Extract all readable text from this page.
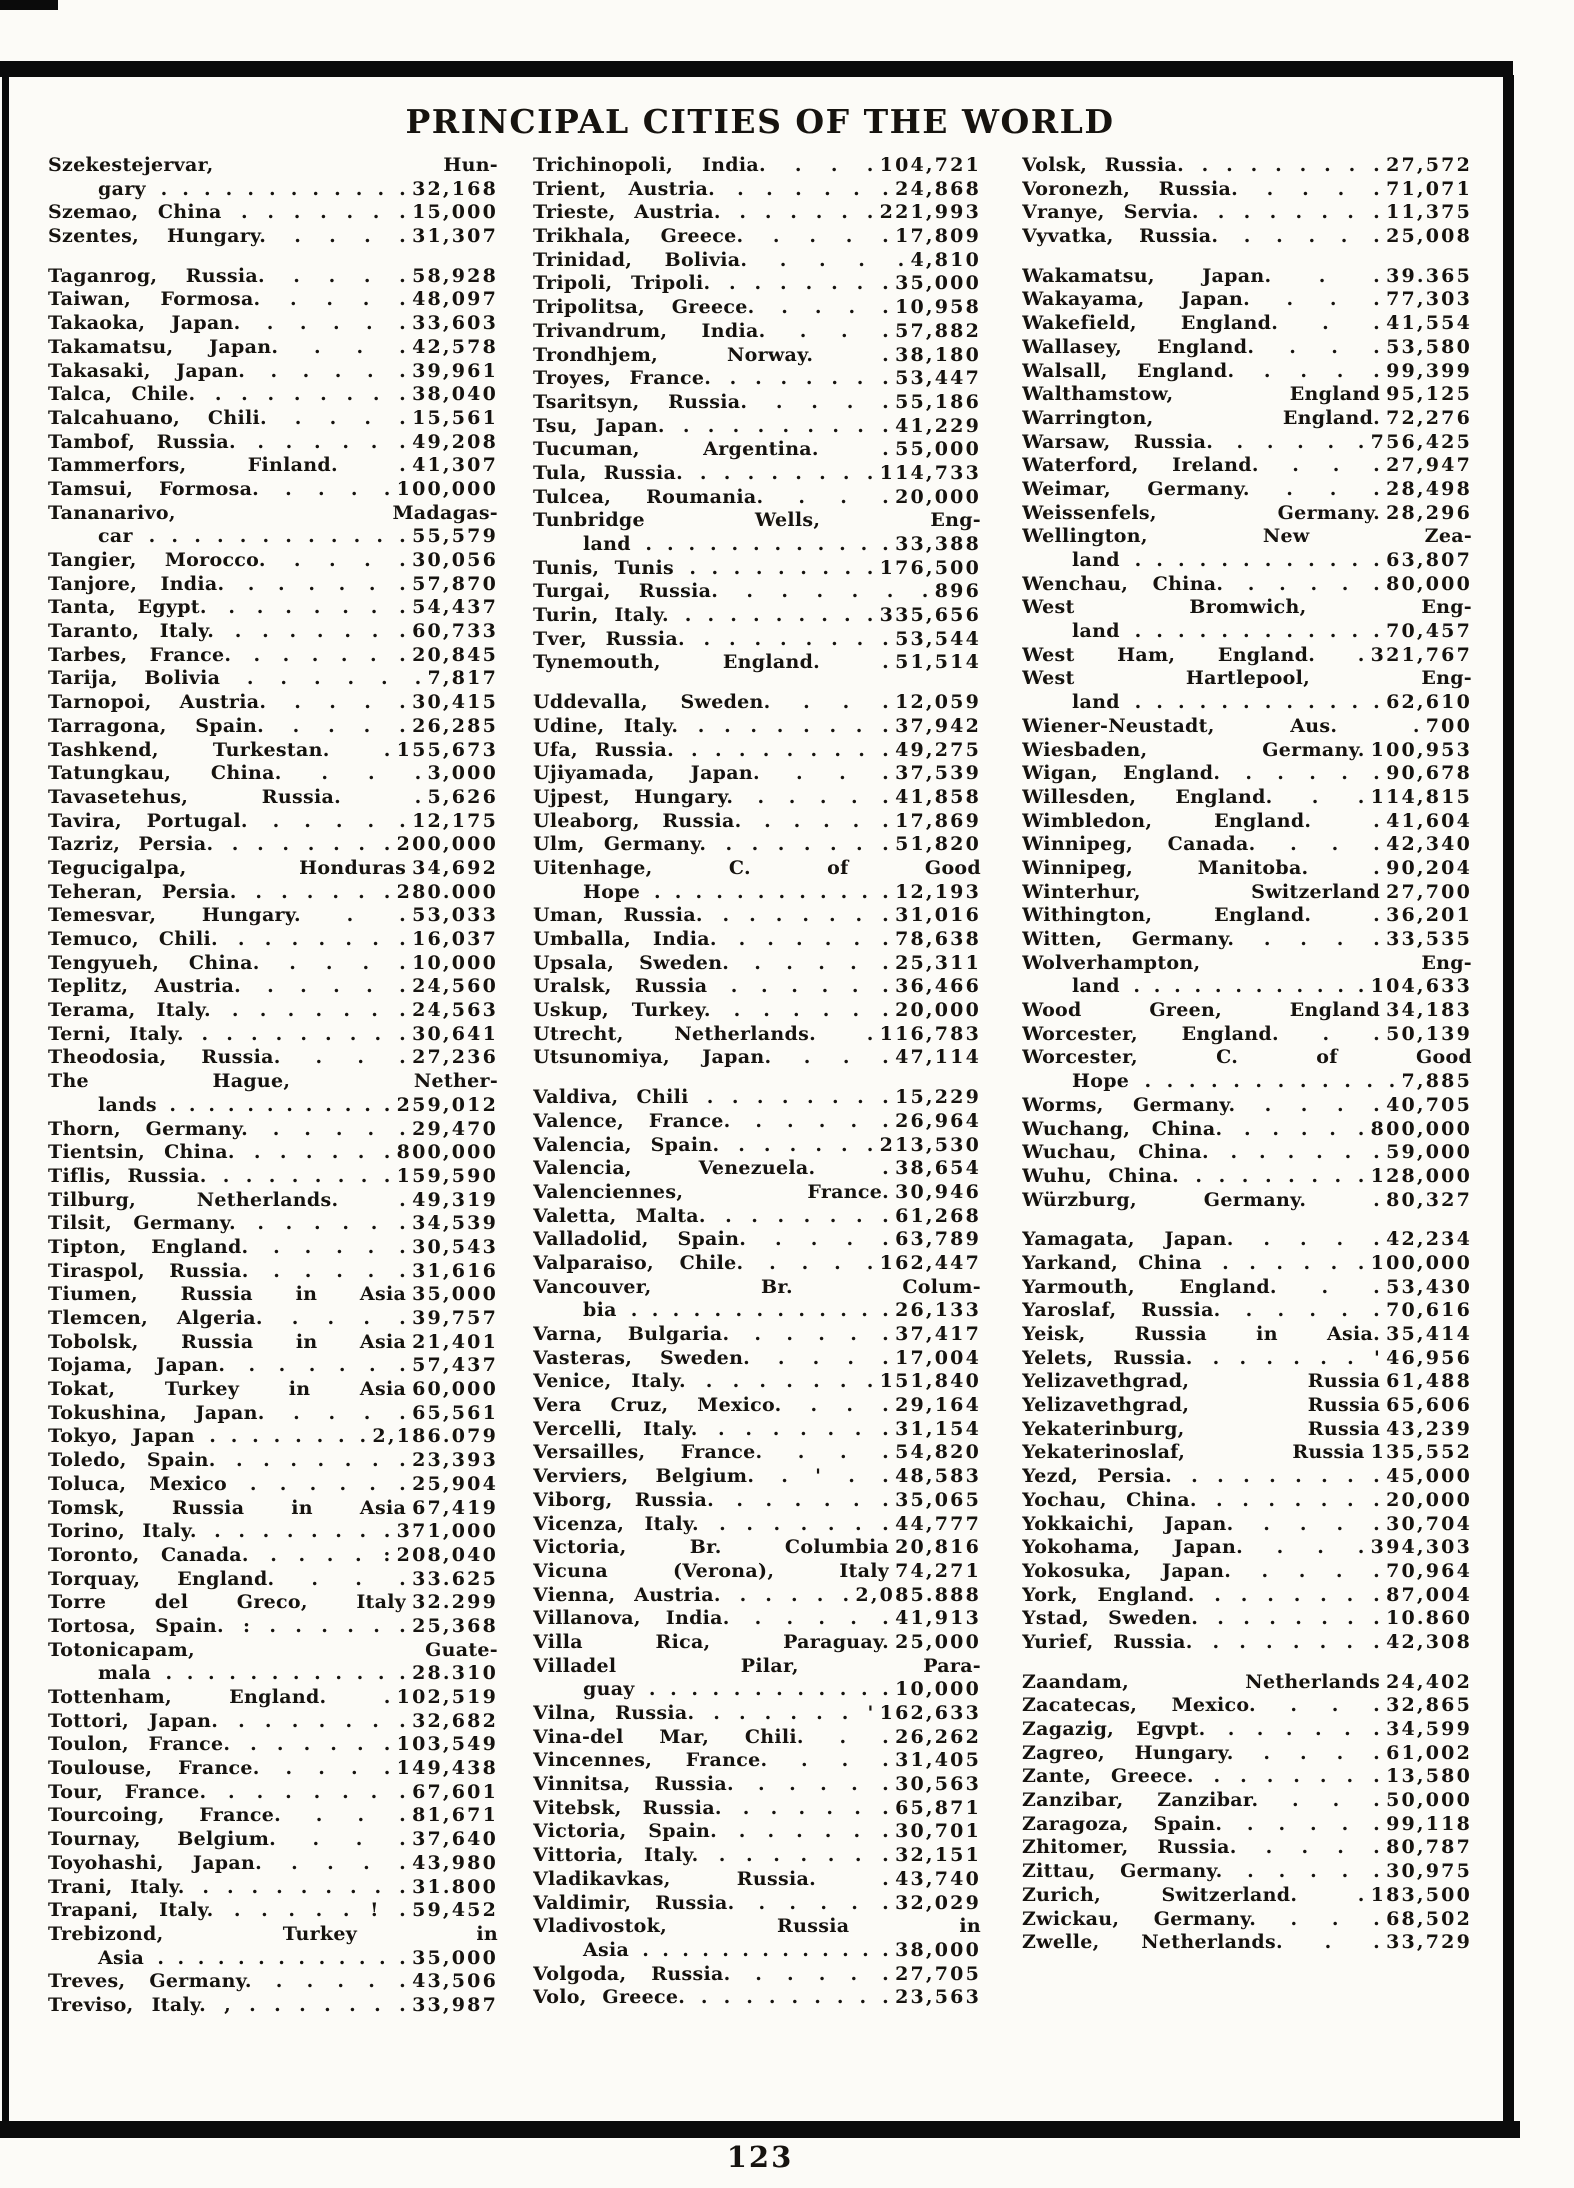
PRINCIPAL CITIES OF THE WORLD
Szekestejervar, Hun-
gary . . . . . . . . . . . . 32,168
Szemao, China . . . . . . . 15,000
Szentes, Hungary. . . . . 31,307
Taganrog, Russia. . . . . 58,928
Taiwan, Formosa. . . . . 48,097
Takaoka, Japan. . . . . . 33,603
Takamatsu, Japan. . . . 42,578
Takasaki, Japan. . . . . . 39,961
Talca, Chile. . . . . . . . . 38,040
Talcahuano, Chili. . . . . 15,561
Tambof, Russia. . . . . . . 49,208
Tammerfors, Finland. . 41,307
Tamsui, Formosa. . . . . 100,000
Tananarivo, Madagas-
car . . . . . . . . . . . . 55,579
Tangier, Morocco. . . . . 30,056
Tanjore, India. . . . . . . 57,870
Tanta, Egypt. . . . . . . . 54,437
Taranto, Italy. . . . . . . . 60,733
Tarbes, France. . . . . . . 20,845
Tarija, Bolivia . . . . . . 7,817
Tarnopoi, Austria. . . . . 30,415
Tarragona, Spain. . . . . 26,285
Tashkend, Turkestan. . 155,673
Tatungkau, China. . . . 3,000
Tavasetehus, Russia. . 5,626
Tavira, Portugal. . . . . . 12,175
Tazriz, Persia. . . . . . . . 200,000
Tegucigalpa, Honduras 34,692
Teheran, Persia. . . . . . . 280.000
Temesvar, Hungary. . . 53,033
Temuco, Chili. . . . . . . . 16,037
Tengyueh, China. . . . . 10,000
Teplitz, Austria. . . . . . 24,560
Terama, Italy. . . . . . . . 24,563
Terni, Italy. . . . . . . . . . 30,641
Theodosia, Russia. . . . 27,236
The Hague, Nether-
lands . . . . . . . . . . . . 259,012
Thorn, Germany. . . . . . 29,470
Tientsin, China. . . . . . . 800,000
Tiflis, Russia. . . . . . . . . 159,590
Tilburg, Netherlands. . 49,319
Tilsit, Germany. . . . . . . 34,539
Tipton, England. . . . . . 30,543
Tiraspol, Russia. . . . . . 31,616
Tiumen, Russia in Asia 35,000
Tlemcen, Algeria. . . . . 39,757
Tobolsk, Russia in Asia 21,401
Tojama, Japan. . . . . . . 57,437
Tokat, Turkey in Asia 60,000
Tokushina, Japan. . . . . 65,561
Tokyo, Japan . . . . . . . . 2,186.079
Toledo, Spain. . . . . . . . 23,393
Toluca, Mexico . . . . . . 25,904
Tomsk, Russia in Asia 67,419
Torino, Italy. . . . . . . . . 371,000
Toronto, Canada. . . . . : 208,040
Torquay, England. . . . 33.625
Torre del Greco, Italy 32.299
Tortosa, Spain. : . . . . . . 25,368
Totonicapam, Guate-
mala . . . . . . . . . . . . 28.310
Tottenham, England. . 102,519
Tottori, Japan. . . . . . . . 32,682
Toulon, France. . . . . . . 103,549
Toulouse, France. . . . . 149,438
Tour, France. . . . . . . . 67,601
Tourcoing, France. . . . 81,671
Tournay, Belgium. . . . 37,640
Toyohashi, Japan. . . . . 43,980
Trani, Italy. . . . . . . . . . 31.800
Trapani, Italy. . . . . . ! . 59,452
Trebizond, Turkey in
Asia . . . . . . . . . . . . . 35,000
Treves, Germany. . . . . . 43,506
Treviso, Italy. , . . . . . . . 33,987
Trichinopoli, India. . . . 104,721
Trient, Austria. . . . . . . 24,868
Trieste, Austria. . . . . . . 221,993
Trikhala, Greece. . . . . 17,809
Trinidad, Bolivia. . . . . 4,810
Tripoli, Tripoli. . . . . . . . 35,000
Tripolitsa, Greece. . . . . 10,958
Trivandrum, India. . . . 57,882
Trondhjem, Norway. . 38,180
Troyes, France. . . . . . . . 53,447
Tsaritsyn, Russia. . . . . 55,186
Tsu, Japan. . . . . . . . . . 41,229
Tucuman, Argentina. . 55,000
Tula, Russia. . . . . . . . . 114,733
Tulcea, Roumania. . . . 20,000
Tunbridge Wells, Eng-
land . . . . . . . . . . . . 33,388
Tunis, Tunis . . . . . . . . . 176,500
Turgai, Russia. . . . . . . 896
Turin, Italy. . . . . . . . . . 335,656
Tver, Russia. . . . . . . . . 53,544
Tynemouth, England. . 51,514
Uddevalla, Sweden. . . . 12,059
Udine, Italy. . . . . . . . . 37,942
Ufa, Russia. . . . . . . . . . 49,275
Ujiyamada, Japan. . . . 37,539
Ujpest, Hungary. . . . . . 41,858
Uleaborg, Russia. . . . . . 17,869
Ulm, Germany. . . . . . . . 51,820
Uitenhage, C. of Good
Hope . . . . . . . . . . . . 12,193
Uman, Russia. . . . . . . . 31,016
Umballa, India. . . . . . . 78,638
Upsala, Sweden. . . . . . 25,311
Uralsk, Russia . . . . . . 36,466
Uskup, Turkey. . . . . . . 20,000
Utrecht, Netherlands. . 116,783
Utsunomiya, Japan. . . . 47,114
Valdiva, Chili . . . . . . . . 15,229
Valence, France. . . . . . 26,964
Valencia, Spain. . . . . . . 213,530
Valencia, Venezuela. . 38,654
Valenciennes, France. 30,946
Valetta, Malta. . . . . . . . 61,268
Valladolid, Spain. . . . . 63,789
Valparaiso, Chile. . . . . 162,447
Vancouver, Br. Colum-
bia . . . . . . . . . . . . . 26,133
Varna, Bulgaria. . . . . . 37,417
Vasteras, Sweden. . . . . 17,004
Venice, Italy. . . . . . . . 151,840
Vera Cruz, Mexico. . . . 29,164
Vercelli, Italy. . . . . . . . 31,154
Versailles, France. . . . 54,820
Verviers, Belgium. . ' . . 48,583
Viborg, Russia. . . . . . . 35,065
Vicenza, Italy. . . . . . . . 44,777
Victoria, Br. Columbia 20,816
Vicuna (Verona), Italy 74,271
Vienna, Austria. . . . . . 2,085.888
Villanova, India. . . . . . 41,913
Villa Rica, Paraguay. 25,000
Villadel Pilar, Para-
guay . . . . . . . . . . . . 10,000
Vilna, Russia. . . . . . . ' 162,633
Vina-del Mar, Chili. . . 26,262
Vincennes, France. . . . 31,405
Vinnitsa, Russia. . . . . . 30,563
Vitebsk, Russia. . . . . . . 65,871
Victoria, Spain. . . . . . . 30,701
Vittoria, Italy. . . . . . . . 32,151
Vladikavkas, Russia. . 43,740
Valdimir, Russia. . . . . . 32,029
Vladivostok, Russia in
Asia . . . . . . . . . . . . . 38,000
Volgoda, Russia. . . . . . 27,705
Volo, Greece. . . . . . . . . . 23,563
Volsk, Russia. . . . . . . . . 27,572
Voronezh, Russia. . . . . 71,071
Vranye, Servia. . . . . . . . 11,375
Vyvatka, Russia. . . . . . 25,008
Wakamatsu, Japan. . . 39.365
Wakayama, Japan. . . . 77,303
Wakefield, England. . . 41,554
Wallasey, England. . . . 53,580
Walsall, England. . . . . 99,399
Walthamstow, England 95,125
Warrington, England. 72,276
Warsaw, Russia. . . . . . 756,425
Waterford, Ireland. . . . 27,947
Weimar, Germany. . . . 28,498
Weissenfels, Germany. 28,296
Wellington, New Zea-
land . . . . . . . . . . . . 63,807
Wenchau, China. . . . . . 80,000
West Bromwich, Eng-
land . . . . . . . . . . . . 70,457
West Ham, England. . 321,767
West Hartlepool, Eng-
land . . . . . . . . . . . . 62,610
Wiener-Neustadt, Aus. . 700
Wiesbaden, Germany. 100,953
Wigan, England. . . . . . 90,678
Willesden, England. . . 114,815
Wimbledon, England. . 41,604
Winnipeg, Canada. . . . 42,340
Winnipeg, Manitoba. . 90,204
Winterhur, Switzerland 27,700
Withington, England. . 36,201
Witten, Germany. . . . . 33,535
Wolverhampton, Eng-
land . . . . . . . . . . . . 104,633
Wood Green, England 34,183
Worcester, England. . . 50,139
Worcester, C. of Good
Hope . . . . . . . . . . . . 7,885
Worms, Germany. . . . . 40,705
Wuchang, China. . . . . . 800,000
Wuchau, China. . . . . . . 59,000
Wuhu, China. . . . . . . . . 128,000
Würzburg, Germany. . 80,327
Yamagata, Japan. . . . . 42,234
Yarkand, China . . . . . . 100,000
Yarmouth, England. . . 53,430
Yaroslaf, Russia. . . . . . 70,616
Yeisk, Russia in Asia. 35,414
Yelets, Russia. . . . . . . ' 46,956
Yelizavethgrad, Russia 61,488
Yelizavethgrad, Russia 65,606
Yekaterinburg, Russia 43,239
Yekaterinoslaf, Russia 135,552
Yezd, Persia. . . . . . . . . 45,000
Yochau, China. . . . . . . . 20,000
Yokkaichi, Japan. . . . . 30,704
Yokohama, Japan. . . . 394,303
Yokosuka, Japan. . . . . 70,964
York, England. . . . . . . . 87,004
Ystad, Sweden. . . . . . . . 10.860
Yurief, Russia. . . . . . . . 42,308
Zaandam, Netherlands 24,402
Zacatecas, Mexico. . . . 32,865
Zagazig, Egvpt. . . . . . . 34,599
Zagreo, Hungary. . . . . 61,002
Zante, Greece. . . . . . . . 13,580
Zanzibar, Zanzibar. . . . 50,000
Zaragoza, Spain. . . . . . 99,118
Zhitomer, Russia. . . . . 80,787
Zittau, Germany. . . . . . 30,975
Zurich, Switzerland. . 183,500
Zwickau, Germany. . . . 68,502
Zwelle, Netherlands. . . 33,729
123
